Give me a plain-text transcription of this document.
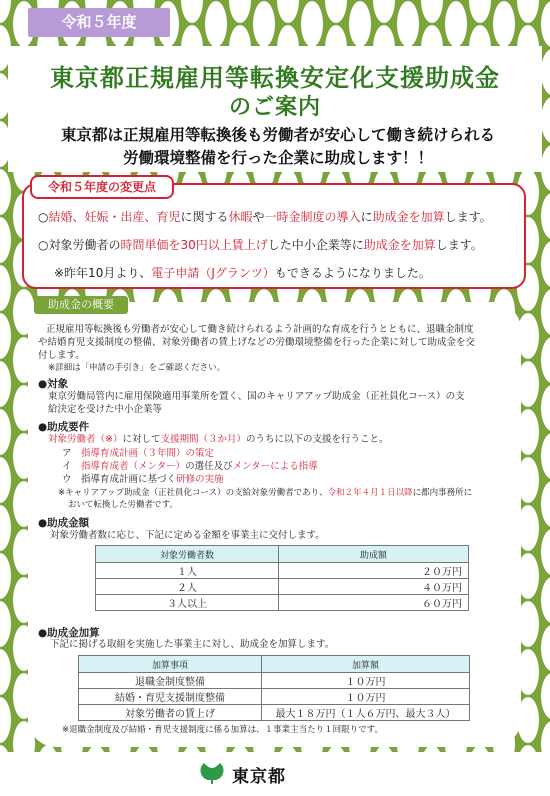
令和５年度
東京都正規雇用等転換安定化支援助成金
のご案内
東京都は正規雇用等転換後も労働者が安心して働き続けられる
労働環境整備を行った企業に助成します！！
令和５年度の変更点
○結婚、妊娠・出産、育児に関する休暇や一時金制度の導入に助成金を加算します。
○対象労働者の時間単価を30円以上賃上げした中小企業等に助成金を加算します。
※昨年10月より、電子申請（Jグランツ）もできるようになりました。
助成金の概要
正規雇用等転換後も労働者が安心して働き続けられるよう計画的な育成を行うとともに、退職金制度
や結婚育児支援制度の整備、対象労働者の賃上げなどの労働環境整備を行った企業に対して助成金を交
付します。
※詳細は「申請の手引き」をご確認ください。
●対象
東京労働局管内に雇用保険適用事業所を置く、国のキャリアアップ助成金（正社員化コース）の支
給決定を受けた中小企業等
●助成要件
対象労働者（※）に対して支援期間（３か月）のうちに以下の支援を行うこと。
ア　 指導育成計画（３年間）の策定
イ　 指導育成者（メンター）の選任及びメンターによる指導
ウ　 指導育成計画に基づく研修の実施
※キャリアアップ助成金（正社員化コース）の支給対象労働者であり、令和２年４月１日以降に都内事務所に
おいて転換した労働者です。
●助成金額
対象労働者数に応じ、下記に定める金額を事業主に交付します。
対象労働者数	助成額
１人	２０万円
２人	４０万円
３人以上	６０万円
●助成金加算
下記に掲げる取組を実施した事業主に対し、助成金を加算します。
加算事項	加算額
退職金制度整備	１０万円
結婚・育児支援制度整備	１０万円
対象労働者の賃上げ	最大１８万円（１人６万円、最大３人）
※退職金制度及び結婚・育児支援制度に係る加算は、１事業主当たり１回限りです。
東京都
